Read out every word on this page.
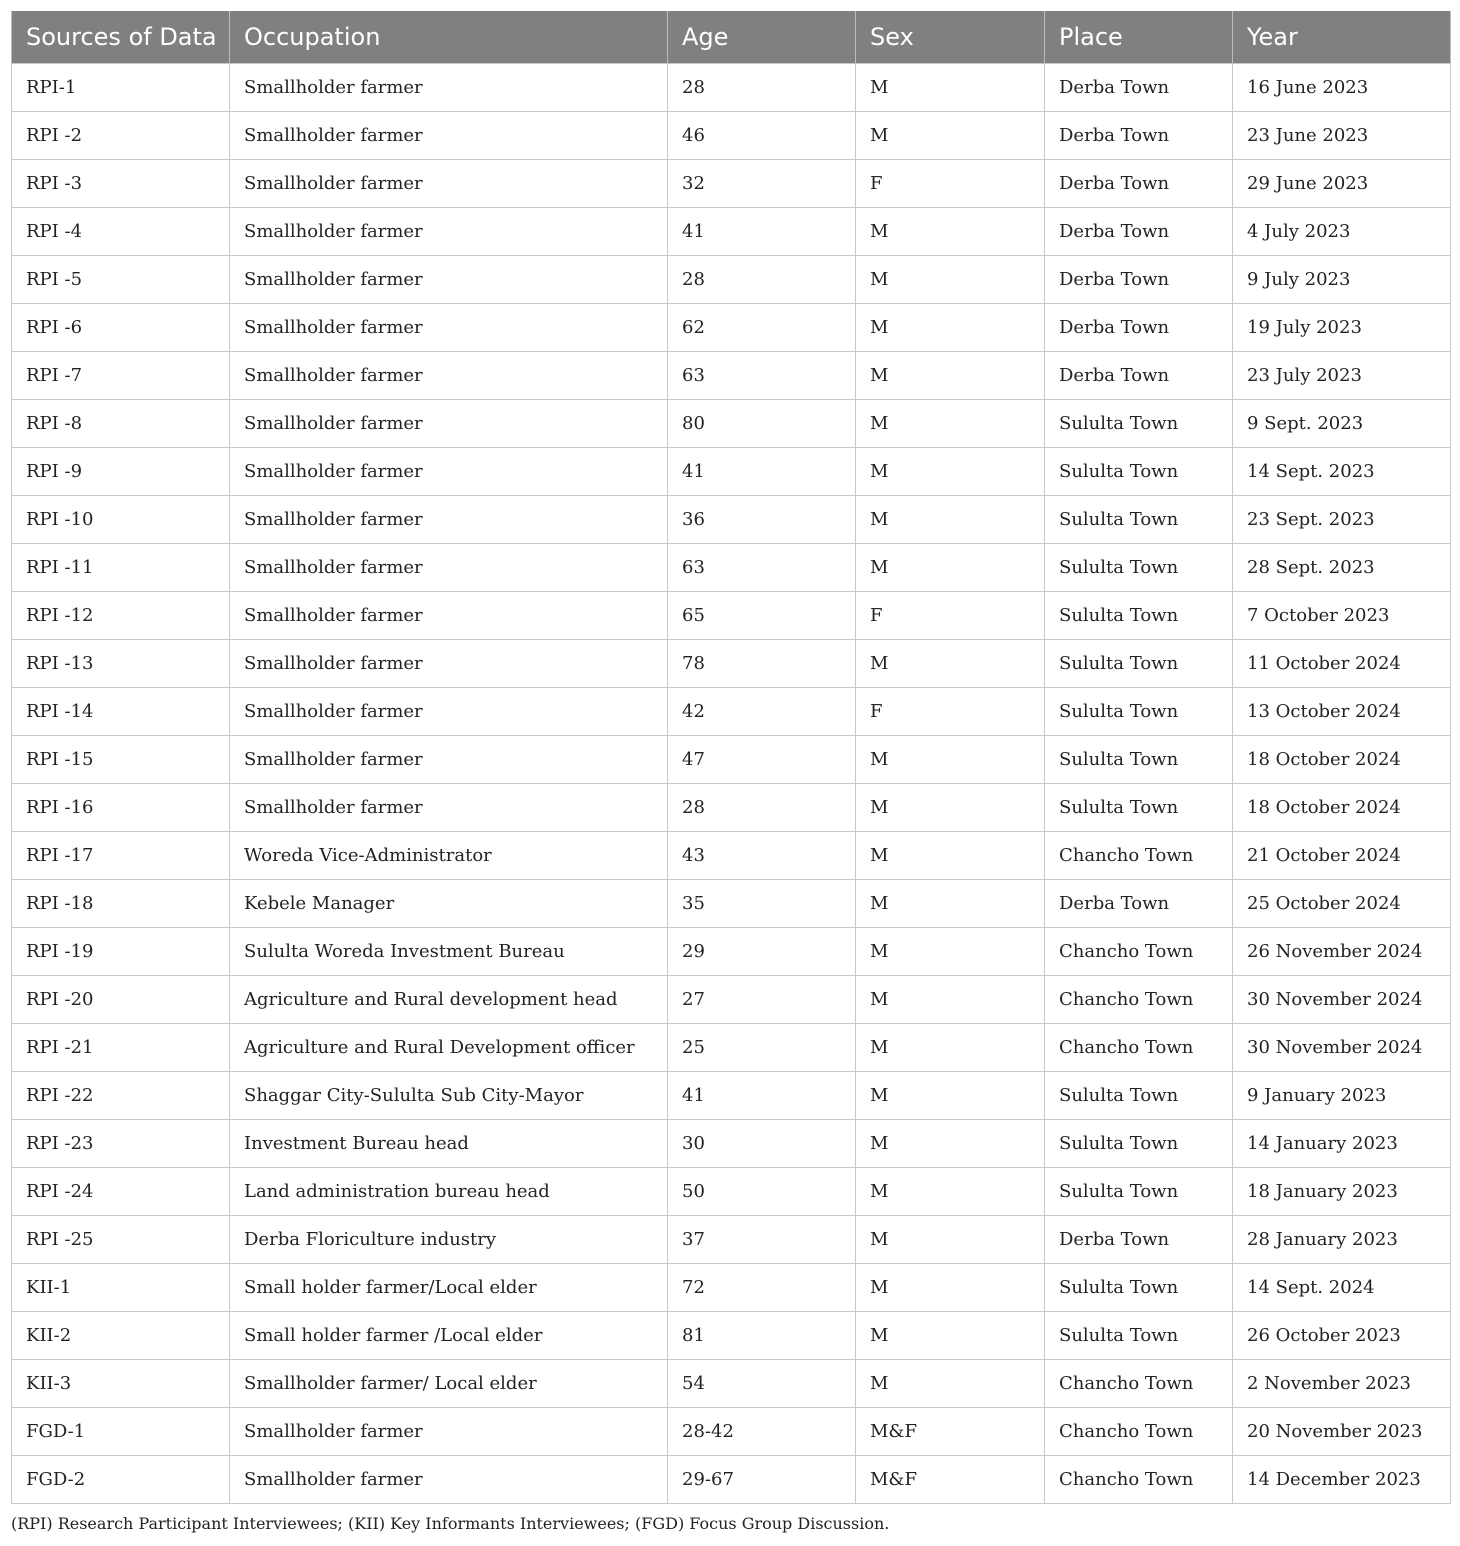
Sources of Data	Occupation	Age	Sex	Place	Year
RPI-1	Smallholder farmer	28	M	Derba Town	16 June 2023
RPI -2	Smallholder farmer	46	M	Derba Town	23 June 2023
RPI -3	Smallholder farmer	32	F	Derba Town	29 June 2023
RPI -4	Smallholder farmer	41	M	Derba Town	4 July 2023
RPI -5	Smallholder farmer	28	M	Derba Town	9 July 2023
RPI -6	Smallholder farmer	62	M	Derba Town	19 July 2023
RPI -7	Smallholder farmer	63	M	Derba Town	23 July 2023
RPI -8	Smallholder farmer	80	M	Sululta Town	9 Sept. 2023
RPI -9	Smallholder farmer	41	M	Sululta Town	14 Sept. 2023
RPI -10	Smallholder farmer	36	M	Sululta Town	23 Sept. 2023
RPI -11	Smallholder farmer	63	M	Sululta Town	28 Sept. 2023
RPI -12	Smallholder farmer	65	F	Sululta Town	7 October 2023
RPI -13	Smallholder farmer	78	M	Sululta Town	11 October 2024
RPI -14	Smallholder farmer	42	F	Sululta Town	13 October 2024
RPI -15	Smallholder farmer	47	M	Sululta Town	18 October 2024
RPI -16	Smallholder farmer	28	M	Sululta Town	18 October 2024
RPI -17	Woreda Vice-Administrator	43	M	Chancho Town	21 October 2024
RPI -18	Kebele Manager	35	M	Derba Town	25 October 2024
RPI -19	Sululta Woreda Investment Bureau	29	M	Chancho Town	26 November 2024
RPI -20	Agriculture and Rural development head	27	M	Chancho Town	30 November 2024
RPI -21	Agriculture and Rural Development officer	25	M	Chancho Town	30 November 2024
RPI -22	Shaggar City-Sululta Sub City-Mayor	41	M	Sululta Town	9 January 2023
RPI -23	Investment Bureau head	30	M	Sululta Town	14 January 2023
RPI -24	Land administration bureau head	50	M	Sululta Town	18 January 2023
RPI -25	Derba Floriculture industry	37	M	Derba Town	28 January 2023
KII-1	Small holder farmer/Local elder	72	M	Sululta Town	14 Sept. 2024
KII-2	Small holder farmer /Local elder	81	M	Sululta Town	26 October 2023
KII-3	Smallholder farmer/ Local elder	54	M	Chancho Town	2 November 2023
FGD-1	Smallholder farmer	28-42	M&F	Chancho Town	20 November 2023
FGD-2	Smallholder farmer	29-67	M&F	Chancho Town	14 December 2023
(RPI) Research Participant Interviewees; (KII) Key Informants Interviewees; (FGD) Focus Group Discussion.
